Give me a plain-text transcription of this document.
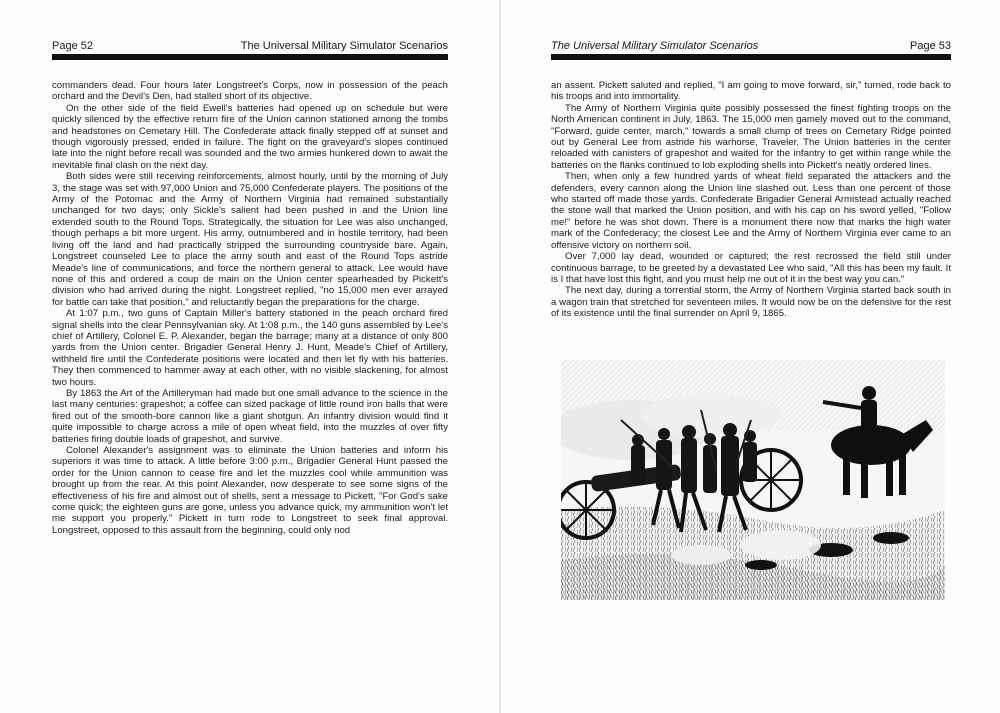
Page 52	The Universal Military Simulator Scenarios

commanders dead. Four hours later Longstreet's Corps, now in possession of the peach orchard and the Devil's Den, had stalled short of its objective.

On the other side of the field Ewell's batteries had opened up on schedule but were quickly silenced by the effective return fire of the Union cannon stationed among the tombs and headstones on Cemetary Hill. The Confederate attack finally stepped off at sunset and though vigorously pressed, ended in failure. The fight on the graveyard's slopes continued late into the night before recall was sounded and the two armies hunkered down to await the inevitable final clash on the next day.

Both sides were still receiving reinforcements, almost hourly, until by the morning of July 3, the stage was set with 97,000 Union and 75,000 Confederate players. The positions of the Army of the Potomac and the Army of Northern Virginia had remained substantially unchanged for two days; only Sickle's salient had been pushed in and the Union line extended south to the Round Tops. Strategically, the situation for Lee was also unchanged, though perhaps a bit more urgent. His army, outnumbered and in hostile territory, had been living off the land and had practically stripped the surrounding countryside bare. Again, Longstreet counseled Lee to place the army south and east of the Round Tops astride Meade's line of communications, and force the northern general to attack. Lee would have none of this and ordered a coup de main on the Union center spearheaded by Pickett's division who had arrived during the night. Longstreet replied, "no 15,000 men ever arrayed for battle can take that position," and reluctantly began the preparations for the charge.

At 1:07 p.m., two guns of Captain Miller's battery stationed in the peach orchard fired signal shells into the clear Pennsylvanian sky. At 1:08 p.m., the 140 guns assembled by Lee's chief of Artillery, Colonel E. P. Alexander, began the barrage; many at a distance of only 800 yards from the Union center. Brigadier General Henry J. Hunt, Meade's Chief of Artillery, withheld fire until the Confederate positions were located and then let fly with his batteries. They then commenced to hammer away at each other, with no visible slackening, for almost two hours.

By 1863 the Art of the Artilleryman had made but one small advance to the science in the last many centuries: grapeshot; a coffee can sized package of little round iron balls that were fired out of the smooth-bore cannon like a giant shotgun. An infantry division would find it quite impossible to charge across a mile of open wheat field, into the muzzles of over fifty batteries firing double loads of grapeshot, and survive.

Colonel Alexander's assignment was to eliminate the Union batteries and inform his superiors it was time to attack. A little before 3:00 p.m., Brigadier General Hunt passed the order for the Union cannon to cease fire and let the muzzles cool while ammunition was brought up from the rear. At this point Alexander, now desperate to see some signs of the effectiveness of his fire and almost out of shells, sent a message to Pickett, "For God's sake come quick; the eighteen guns are gone, unless you advance quick, my ammunition won't let me support you properly." Pickett in turn rode to Longstreet to seek final approval. Longstreet, opposed to this assault from the beginning, could only nod

The Universal Military Simulator Scenarios	Page 53

an assent. Pickett saluted and replied, "I am going to move forward, sir," turned, rode back to his troops and into immortality.

The Army of Northern Virginia quite possibly possessed the finest fighting troops on the North American continent in July, 1863. The 15,000 men gamely moved out to the command, "Forward, guide center, march," towards a small clump of trees on Cemetary Ridge pointed out by General Lee from astride his warhorse, Traveler. The Union batteries in the center reloaded with canisters of grapeshot and waited for the infantry to get within range while the batteries on the flanks continued to lob exploding shells into Pickett's neatly ordered lines.

Then, when only a few hundred yards of wheat field separated the attackers and the defenders, every cannon along the Union line slashed out. Less than one percent of those who started off made those yards. Confederate Brigadier General Armistead actually reached the stone wall that marked the Union position, and with his cap on his sword yelled, "Follow me!" before he was shot down. There is a monument there now that marks the high water mark of the Confederacy; the closest Lee and the Army of Northern Virginia ever came to an offensive victory on northern soil.

Over 7,000 lay dead, wounded or captured; the rest recrossed the field still under continuous barrage, to be greeted by a devastated Lee who said, "All this has been my fault. It is I that have lost this fight, and you must help me out of it in the best way you can."

The next day, during a torrential storm, the Army of Northern Virginia started back south in a wagon train that stretched for seventeen miles. It would now be on the defensive for the rest of its existence until the final surrender on April 9, 1865.
